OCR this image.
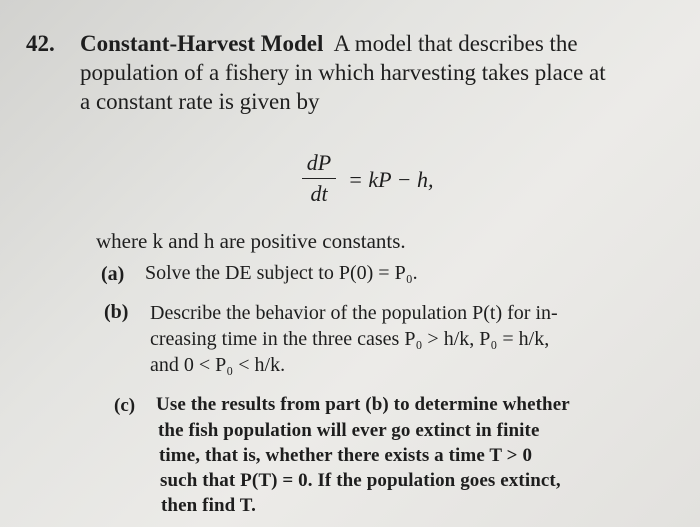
42. Constant-Harvest Model A model that describes the
population of a fishery in which harvesting takes place at
a constant rate is given by
dP
dt
= kP − h,
where k and h are positive constants.
(a) Solve the DE subject to P(0) = P₀.
(b) Describe the behavior of the population P(t) for in-
creasing time in the three cases P₀ > h/k, P₀ = h/k,
and 0 < P₀ < h/k.
(c) Use the results from part (b) to determine whether
the fish population will ever go extinct in finite
time, that is, whether there exists a time T > 0
such that P(T) = 0. If the population goes extinct,
then find T.
